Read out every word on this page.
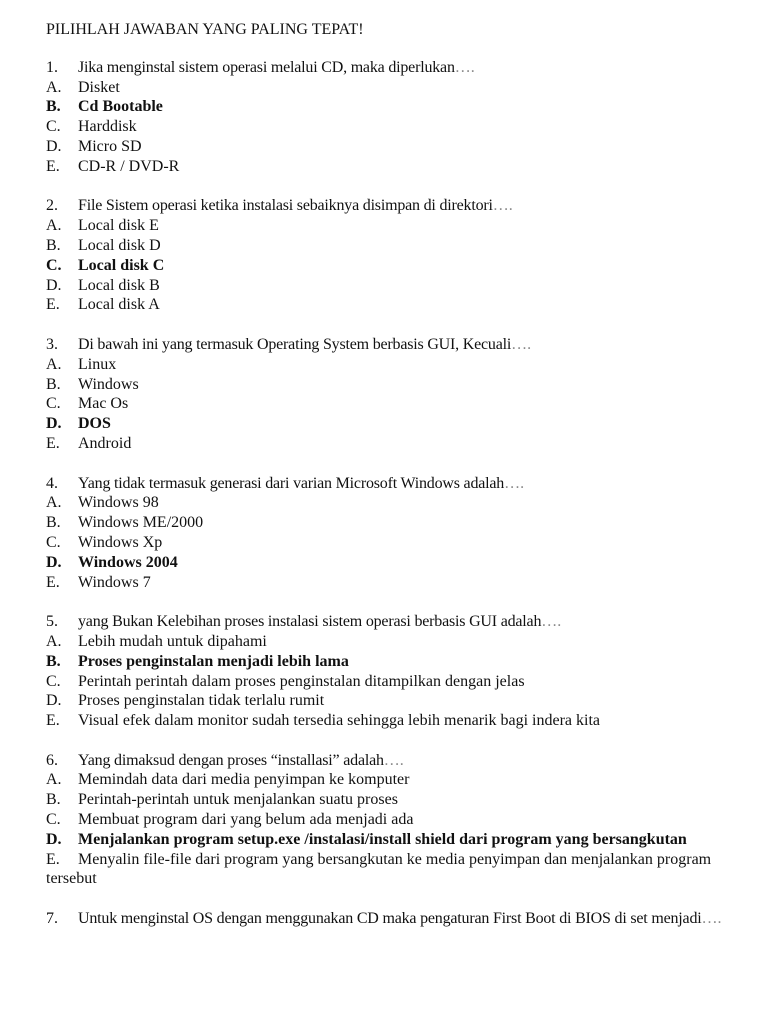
PILIHLAH JAWABAN YANG PALING TEPAT!
1.	Jika menginstal sistem operasi melalui CD, maka diperlukan ….
A.	Disket
B.	Cd Bootable
C.	Harddisk
D.	Micro SD
E.	CD-R / DVD-R
2.	File Sistem operasi ketika instalasi sebaiknya disimpan di direktori ….
A.	Local disk E
B.	Local disk D
C.	Local disk C
D.	Local disk B
E.	Local disk A
3.	Di bawah ini yang termasuk Operating System berbasis GUI, Kecuali ….
A.	Linux
B.	Windows
C.	Mac Os
D.	DOS
E.	Android
4.	Yang tidak termasuk generasi dari varian Microsoft Windows adalah ….
A.	Windows 98
B.	Windows ME/2000
C.	Windows Xp
D.	Windows 2004
E.	Windows 7
5.	yang Bukan Kelebihan proses instalasi sistem operasi berbasis GUI adalah ….
A.	Lebih mudah untuk dipahami
B.	Proses penginstalan menjadi lebih lama
C.	Perintah perintah dalam proses penginstalan ditampilkan dengan jelas
D.	Proses penginstalan tidak terlalu rumit
E.	Visual efek dalam monitor sudah tersedia sehingga lebih menarik bagi indera kita
6.	Yang dimaksud dengan proses “installasi” adalah ….
A.	Memindah data dari media penyimpan ke komputer
B.	Perintah-perintah untuk menjalankan suatu proses
C.	Membuat program dari yang belum ada menjadi ada
D. Menjalankan program setup.exe /instalasi/install shield dari program yang bersangkutan
E. Menyalin file-file dari program yang bersangkutan ke media penyimpan dan menjalankan program tersebut
7. Untuk menginstal OS dengan menggunakan CD maka pengaturan First Boot di BIOS di set menjadi….
